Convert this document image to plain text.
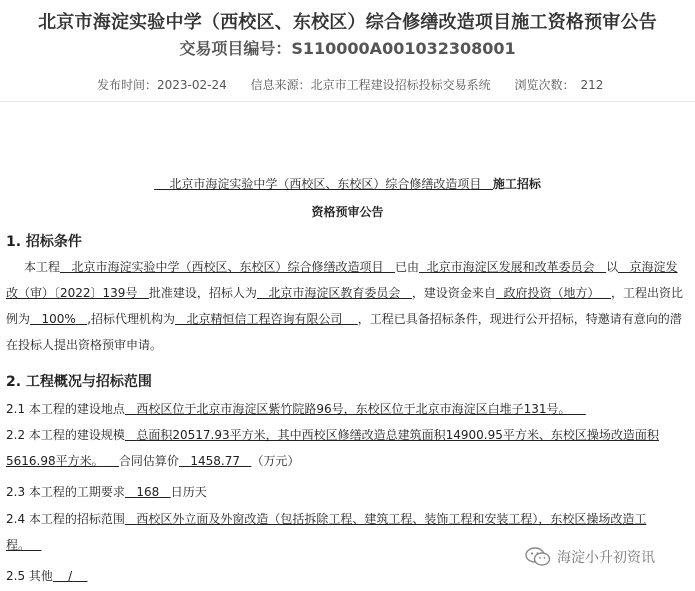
北京市海淀实验中学（西校区、东校区）综合修缮改造项目施工资格预审公告
交易项目编号：S110000A001032308001
发布时间：2023-02-24 信息来源：北京市工程建设招标投标交易系统 浏览次数： 212
北京市海淀实验中学（西校区、东校区）综合修缮改造项目 施工招标
资格预审公告
1. 招标条件
本工程 北京市海淀实验中学（西校区、东校区）综合修缮改造项目 已由 北京市海淀区发展和改革委员会 以 京海淀发改（审）〔2022〕139号 批准建设，招标人为 北京市海淀区教育委员会 ，建设资金来自 政府投资（地方） ，工程出资比例为 100% ,招标代理机构为 北京精恒信工程咨询有限公司 ，工程已具备招标条件，现进行公开招标，特邀请有意向的潜在投标人提出资格预审申请。
2. 工程概况与招标范围
2.1 本工程的建设地点 西校区位于北京市海淀区紫竹院路96号，东校区位于北京市海淀区白堆子131号。
2.2 本工程的建设规模 总面积20517.93平方米，其中西校区修缮改造总建筑面积14900.95平方米、东校区操场改造面积5616.98平方米。 合同估算价 1458.77 （万元）
2.3 本工程的工期要求 168 日历天
2.4 本工程的招标范围 西校区外立面及外窗改造（包括拆除工程、建筑工程、装饰工程和安装工程），东校区操场改造工程。
2.5 其他 /
海淀小升初资讯
